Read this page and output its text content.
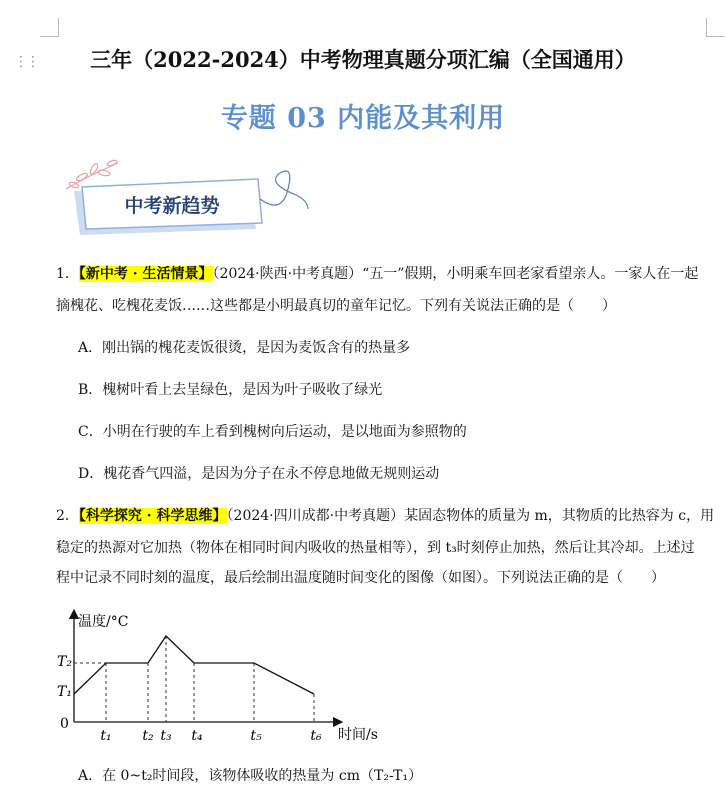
⋮⋮	三年（2022-2024）中考物理真题分项汇编（全国通用）
专题 03 内能及其利用
中考新趋势
1．【新中考 · 生活情景】（2024·陕西·中考真题）“五一”假期，小明乘车回老家看望亲人。一家人在一起
摘槐花、吃槐花麦饭……这些都是小明最真切的童年记忆。下列有关说法正确的是（　　）
A．刚出锅的槐花麦饭很烫，是因为麦饭含有的热量多
B．槐树叶看上去呈绿色，是因为叶子吸收了绿光
C．小明在行驶的车上看到槐树向后运动，是以地面为参照物的
D．槐花香气四溢，是因为分子在永不停息地做无规则运动
2．【科学探究 · 科学思维】（2024·四川成都·中考真题）某固态物体的质量为 m，其物质的比热容为 c，用
稳定的热源对它加热（物体在相同时间内吸收的热量相等），到 t₃时刻停止加热，然后让其冷却。上述过
程中记录不同时刻的温度，最后绘制出温度随时间变化的图像（如图）。下列说法正确的是（　　）
温度/°C
时间/s
0
T₂
T₁
t₁ t₂ t₃ t₄	t₅	t₆
A．在 0~t₂时间段，该物体吸收的热量为 cm（T₂-T₁）
